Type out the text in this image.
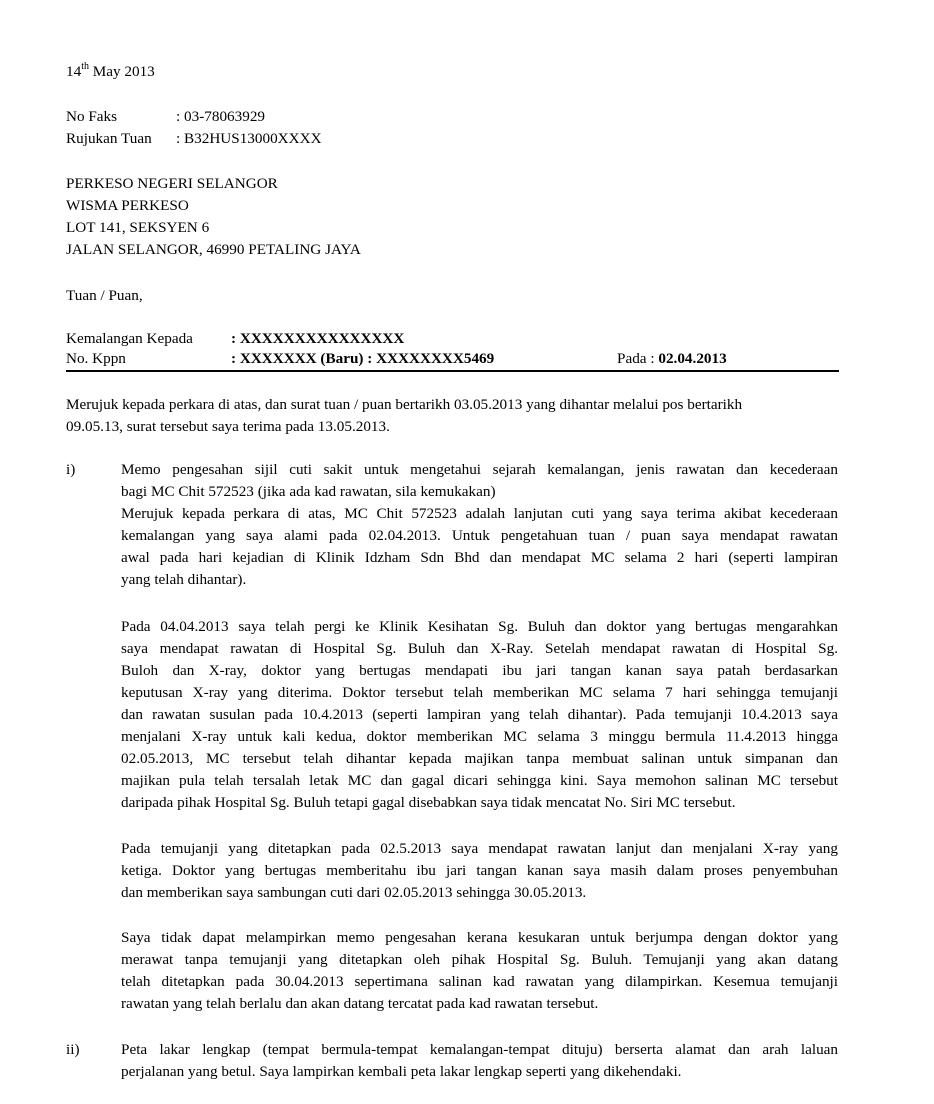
14th May 2013
No Faks	: 03-78063929
Rujukan Tuan : B32HUS13000XXXX
PERKESO NEGERI SELANGOR
WISMA PERKESO
LOT 141, SEKSYEN 6
JALAN SELANGOR, 46990 PETALING JAYA
Tuan / Puan,
Kemalangan Kepada	: XXXXXXXXXXXXXXX
No. Kppn	: XXXXXXX (Baru) : XXXXXXXX5469	Pada : 02.04.2013
Merujuk kepada perkara di atas, dan surat tuan / puan bertarikh 03.05.2013 yang dihantar melalui pos bertarikh
09.05.13, surat tersebut saya terima pada 13.05.2013.
i)	Memo pengesahan sijil cuti sakit untuk mengetahui sejarah kemalangan, jenis rawatan dan kecederaan
bagi MC Chit 572523 (jika ada kad rawatan, sila kemukakan)
Merujuk kepada perkara di atas, MC Chit 572523 adalah lanjutan cuti yang saya terima akibat kecederaan
kemalangan yang saya alami pada 02.04.2013. Untuk pengetahuan tuan / puan saya mendapat rawatan
awal pada hari kejadian di Klinik Idzham Sdn Bhd dan mendapat MC selama 2 hari (seperti lampiran
yang telah dihantar).
Pada 04.04.2013 saya telah pergi ke Klinik Kesihatan Sg. Buluh dan doktor yang bertugas mengarahkan
saya mendapat rawatan di Hospital Sg. Buluh dan X-Ray. Setelah mendapat rawatan di Hospital Sg.
Buloh dan X-ray, doktor yang bertugas mendapati ibu jari tangan kanan saya patah berdasarkan
keputusan X-ray yang diterima. Doktor tersebut telah memberikan MC selama 7 hari sehingga temujanji
dan rawatan susulan pada 10.4.2013 (seperti lampiran yang telah dihantar). Pada temujanji 10.4.2013 saya
menjalani X-ray untuk kali kedua, doktor memberikan MC selama 3 minggu bermula 11.4.2013 hingga
02.05.2013, MC tersebut telah dihantar kepada majikan tanpa membuat salinan untuk simpanan dan
majikan pula telah tersalah letak MC dan gagal dicari sehingga kini. Saya memohon salinan MC tersebut
daripada pihak Hospital Sg. Buluh tetapi gagal disebabkan saya tidak mencatat No. Siri MC tersebut.
Pada temujanji yang ditetapkan pada 02.5.2013 saya mendapat rawatan lanjut dan menjalani X-ray yang
ketiga. Doktor yang bertugas memberitahu ibu jari tangan kanan saya masih dalam proses penyembuhan
dan memberikan saya sambungan cuti dari 02.05.2013 sehingga 30.05.2013.
Saya tidak dapat melampirkan memo pengesahan kerana kesukaran untuk berjumpa dengan doktor yang
merawat tanpa temujanji yang ditetapkan oleh pihak Hospital Sg. Buluh. Temujanji yang akan datang
telah ditetapkan pada 30.04.2013 sepertimana salinan kad rawatan yang dilampirkan. Kesemua temujanji
rawatan yang telah berlalu dan akan datang tercatat pada kad rawatan tersebut.
ii)	Peta lakar lengkap (tempat bermula-tempat kemalangan-tempat dituju) berserta alamat dan arah laluan
perjalanan yang betul. Saya lampirkan kembali peta lakar lengkap seperti yang dikehendaki.
